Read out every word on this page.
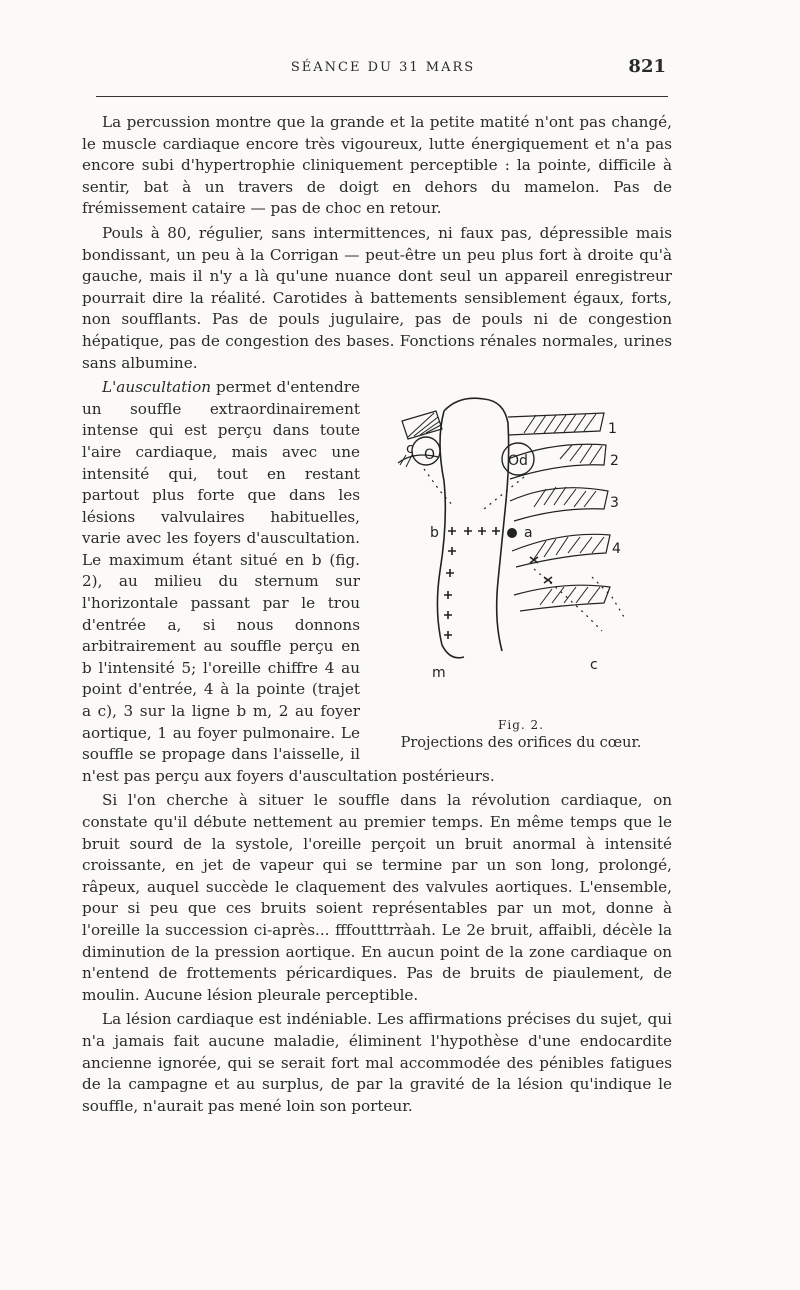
SÉANCE DU 31 MARS	821

La percussion montre que la grande et la petite matité n'ont pas changé, le muscle cardiaque encore très vigoureux, lutte énergiquement et n'a pas encore subi d'hypertrophie cliniquement perceptible : la pointe, difficile à sentir, bat à un travers de doigt en dehors du mamelon. Pas de frémissement cataire — pas de choc en retour.

Pouls à 80, régulier, sans intermittences, ni faux pas, dépressible mais bondissant, un peu à la Corrigan — peut-être un peu plus fort à droite qu'à gauche, mais il n'y a là qu'une nuance dont seul un appareil enregistreur pourrait dire la réalité. Carotides à battements sensiblement égaux, forts, non soufflants. Pas de pouls jugulaire, pas de pouls ni de congestion hépatique, pas de congestion des bases. Fonctions rénales normales, urines sans albumine.

c O	Od
b	a
m	c
1
2
3
4
Fig. 2.
Projections des orifices du cœur.

L'auscultation permet d'entendre un souffle extraordinairement intense qui est perçu dans toute l'aire cardiaque, mais avec une intensité qui, tout en restant partout plus forte que dans les lésions valvulaires habituelles, varie avec les foyers d'auscultation. Le maximum étant situé en b (fig. 2), au milieu du sternum sur l'horizontale passant par le trou d'entrée a, si nous donnons arbitrairement au souffle perçu en b l'intensité 5; l'oreille chiffre 4 au point d'entrée, 4 à la pointe (trajet a c), 3 sur la ligne b m, 2 au foyer aortique, 1 au foyer pulmonaire. Le souffle se propage dans l'aisselle, il n'est pas perçu aux foyers d'auscultation postérieurs.

Si l'on cherche à situer le souffle dans la révolution cardiaque, on constate qu'il débute nettement au premier temps. En même temps que le bruit sourd de la systole, l'oreille perçoit un bruit anormal à intensité croissante, en jet de vapeur qui se termine par un son long, prolongé, râpeux, auquel succède le claquement des valvules aortiques. L'ensemble, pour si peu que ces bruits soient représentables par un mot, donne à l'oreille la succession ci-après... fffoutttrràah. Le 2e bruit, affaibli, décèle la diminution de la pression aortique. En aucun point de la zone cardiaque on n'entend de frottements péricardiques. Pas de bruits de piaulement, de moulin. Aucune lésion pleurale perceptible.

La lésion cardiaque est indéniable. Les affirmations précises du sujet, qui n'a jamais fait aucune maladie, éliminent l'hypothèse d'une endocardite ancienne ignorée, qui se serait fort mal accommodée des pénibles fatigues de la campagne et au surplus, de par la gravité de la lésion qu'indique le souffle, n'aurait pas mené loin son porteur.
